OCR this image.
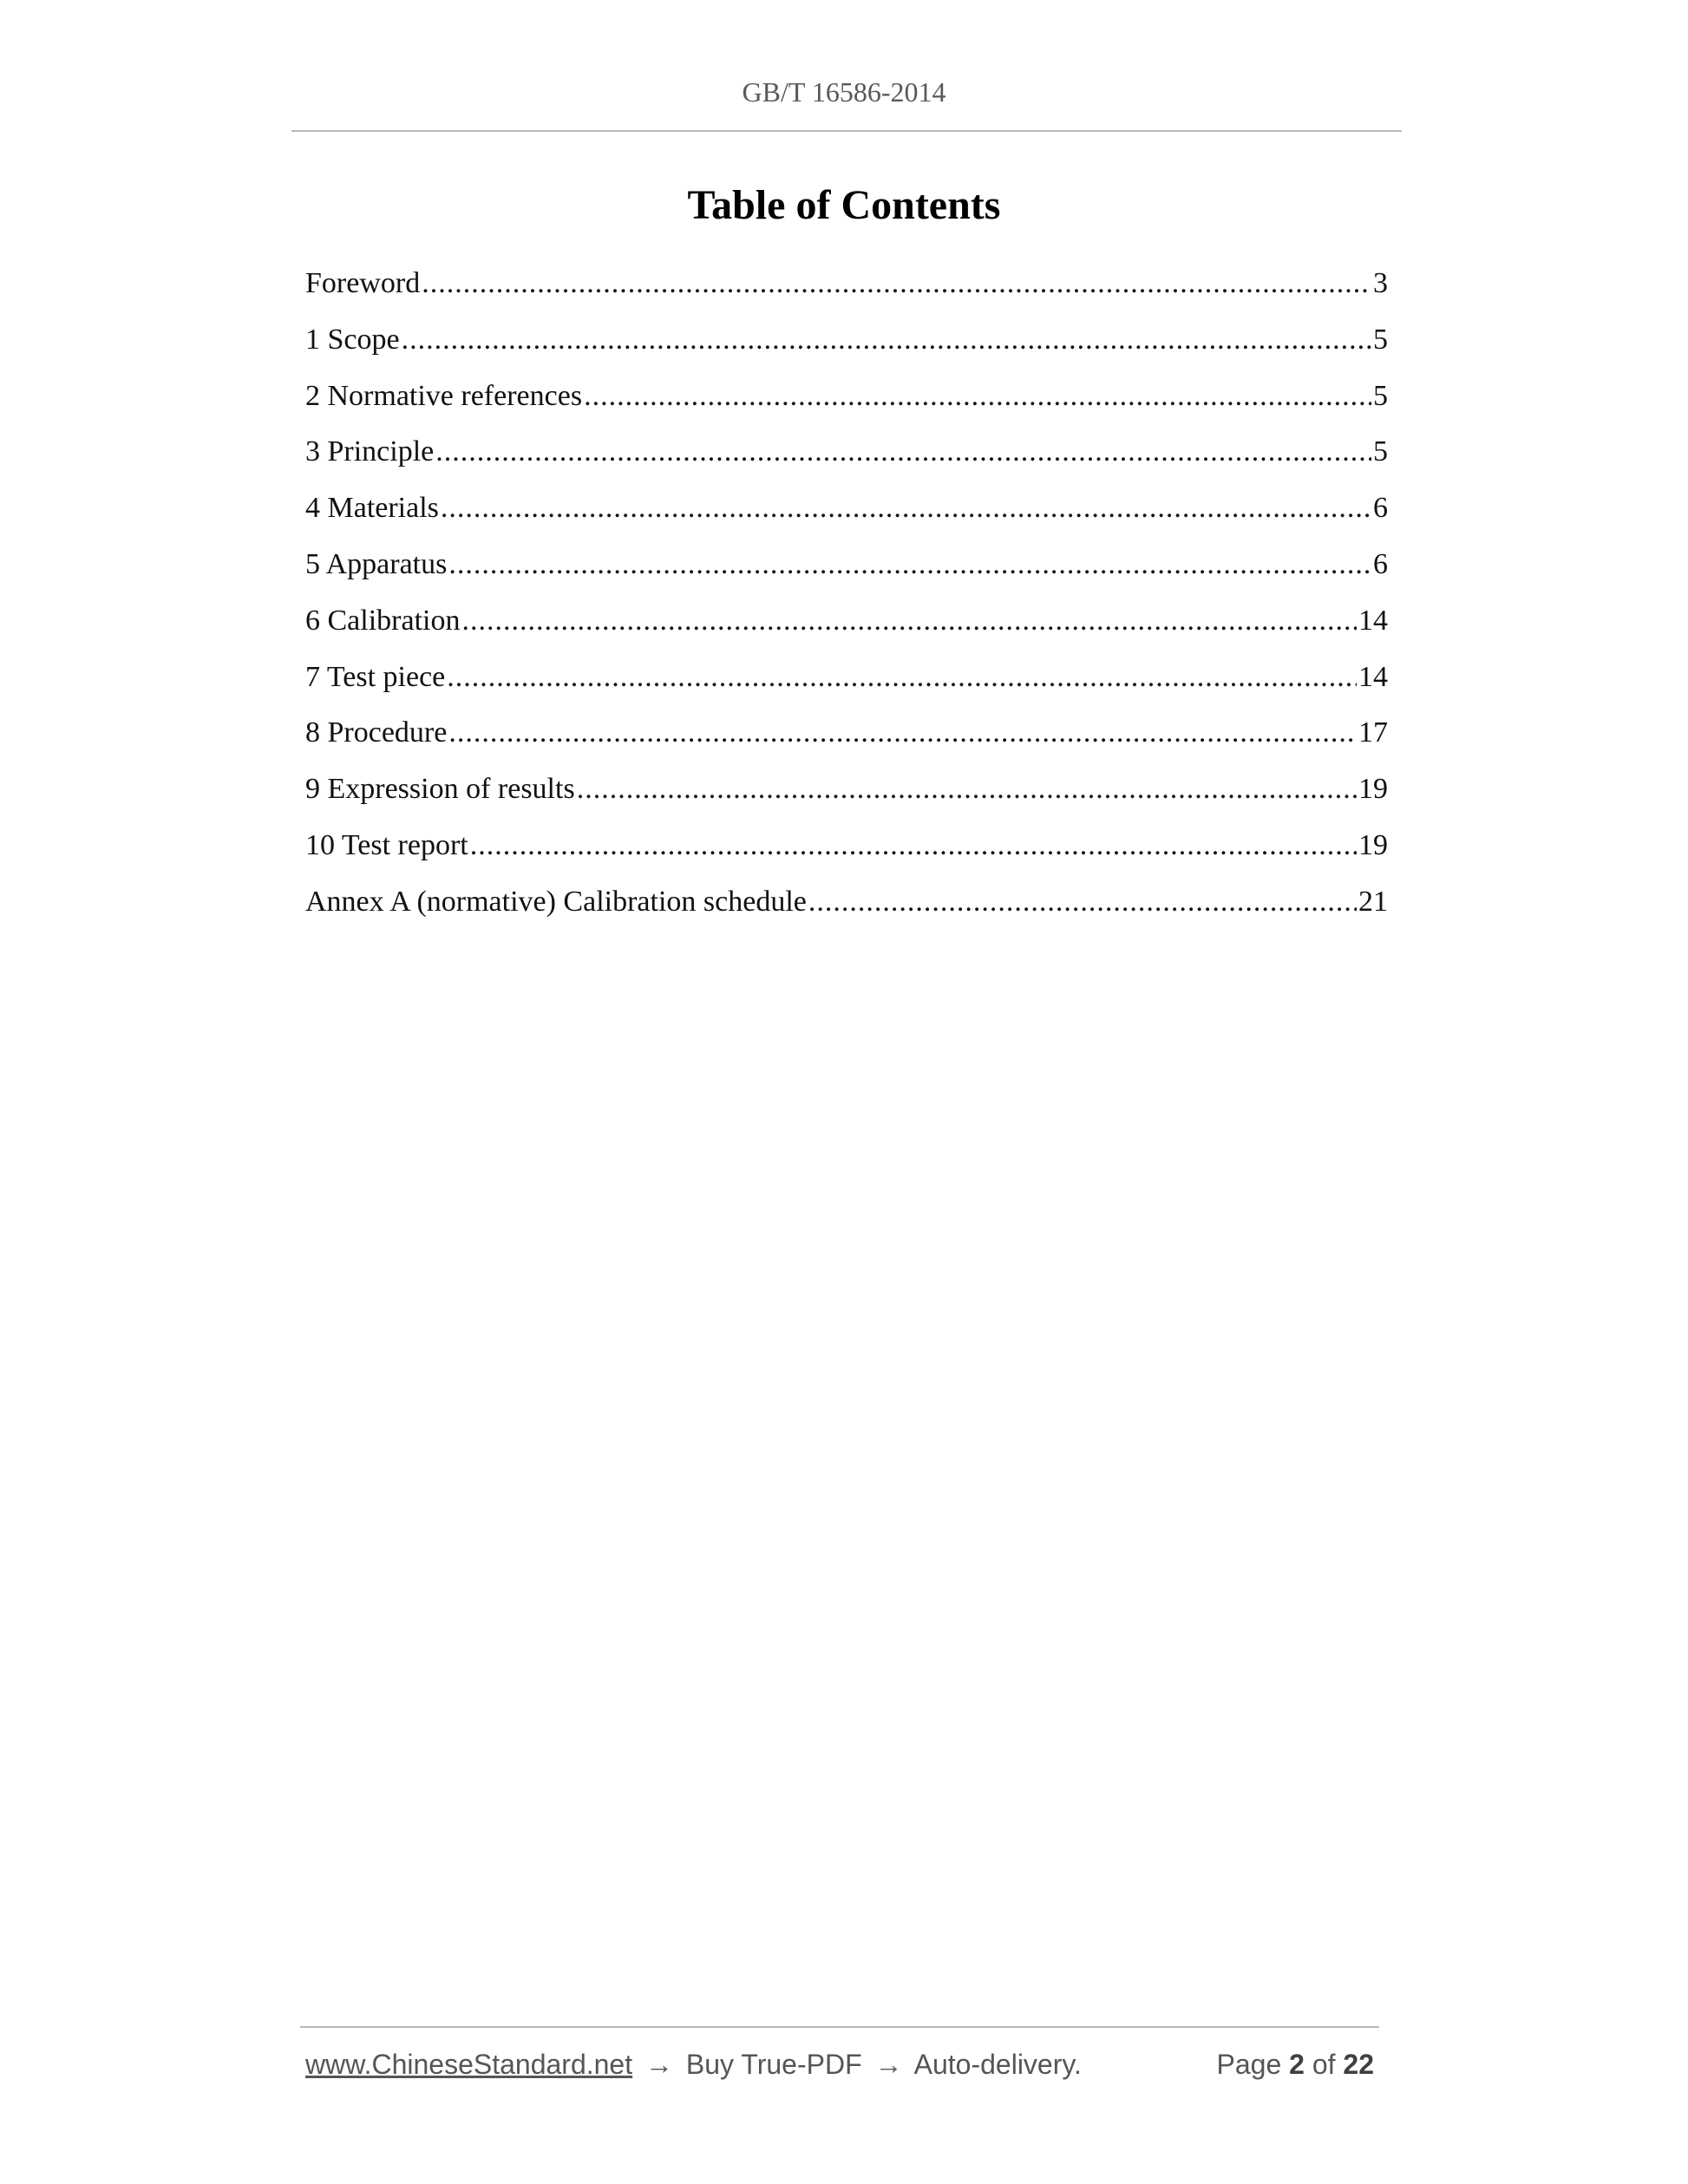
GB/T 16586-2014
Table of Contents
Foreword .....	3
1 Scope .....	5
2 Normative references .....	5
3 Principle .....	5
4 Materials .....	6
5 Apparatus .....	6
6 Calibration .....	14
7 Test piece .....	14
8 Procedure .....	17
9 Expression of results .....	19
10 Test report .....	19
Annex A (normative) Calibration schedule .....	21
www.ChineseStandard.net → Buy True-PDF → Auto-delivery.	Page 2 of 22
